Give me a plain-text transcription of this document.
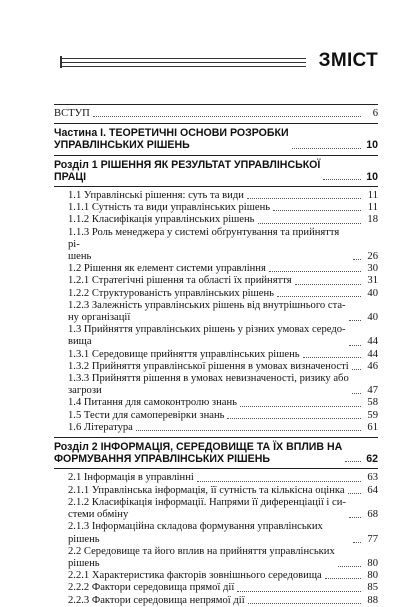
ЗМІСТ
ВСТУП	6
Частина І. ТЕОРЕТИЧНІ ОСНОВИ РОЗРОБКИ
УПРАВЛІНСЬКИХ РІШЕНЬ	10
Розділ 1 РІШЕННЯ ЯК РЕЗУЛЬТАТ УПРАВЛІНСЬКОЇ
ПРАЦІ	10
1.1 Управлінські рішення: суть та види	11
1.1.1 Сутність та види управлінських рішень	11
1.1.2 Класифікація управлінських рішень	18
1.1.3 Роль менеджера у системі обґрунтування та прийняття рі-
шень	26
1.2 Рішення як елемент системи управління	30
1.2.1 Стратегічні рішення та області їх прийняття	31
1.2.2 Структурованість управлінських рішень	40
1.2.3 Залежність управлінських рішень від внутрішнього ста-
ну організації	40
1.3 Прийняття управлінських рішень у різних умовах середо-
вища	44
1.3.1 Середовище прийняття управлінських рішень	44
1.3.2 Прийняття управлінської рішення в умовах визначеності	46
1.3.3 Прийняття рішення в умовах невизначеності, ризику або
загрози	47
1.4 Питання для самоконтролю знань	58
1.5 Тести для самоперевірки знань	59
1.6 Література	61
Розділ 2 ІНФОРМАЦІЯ, СЕРЕДОВИЩЕ ТА ЇХ ВПЛИВ НА
ФОРМУВАННЯ УПРАВЛІНСЬКИХ РІШЕНЬ	62
2.1 Інформація в управлінні	63
2.1.1 Управлінська інформація, її сутність та кількісна оцінка	64
2.1.2 Класифікація інформації. Напрями її диференціації і си-
стеми обміну	68
2.1.3 Інформаційна складова формування управлінських рішень	77
2.2 Середовище та його вплив на прийняття управлінських
рішень	80
2.2.1 Характеристика факторів зовнішнього середовища	80
2.2.2 Фактори середовища прямої дії	85
2.2.3 Фактори середовища непрямої дії	88
